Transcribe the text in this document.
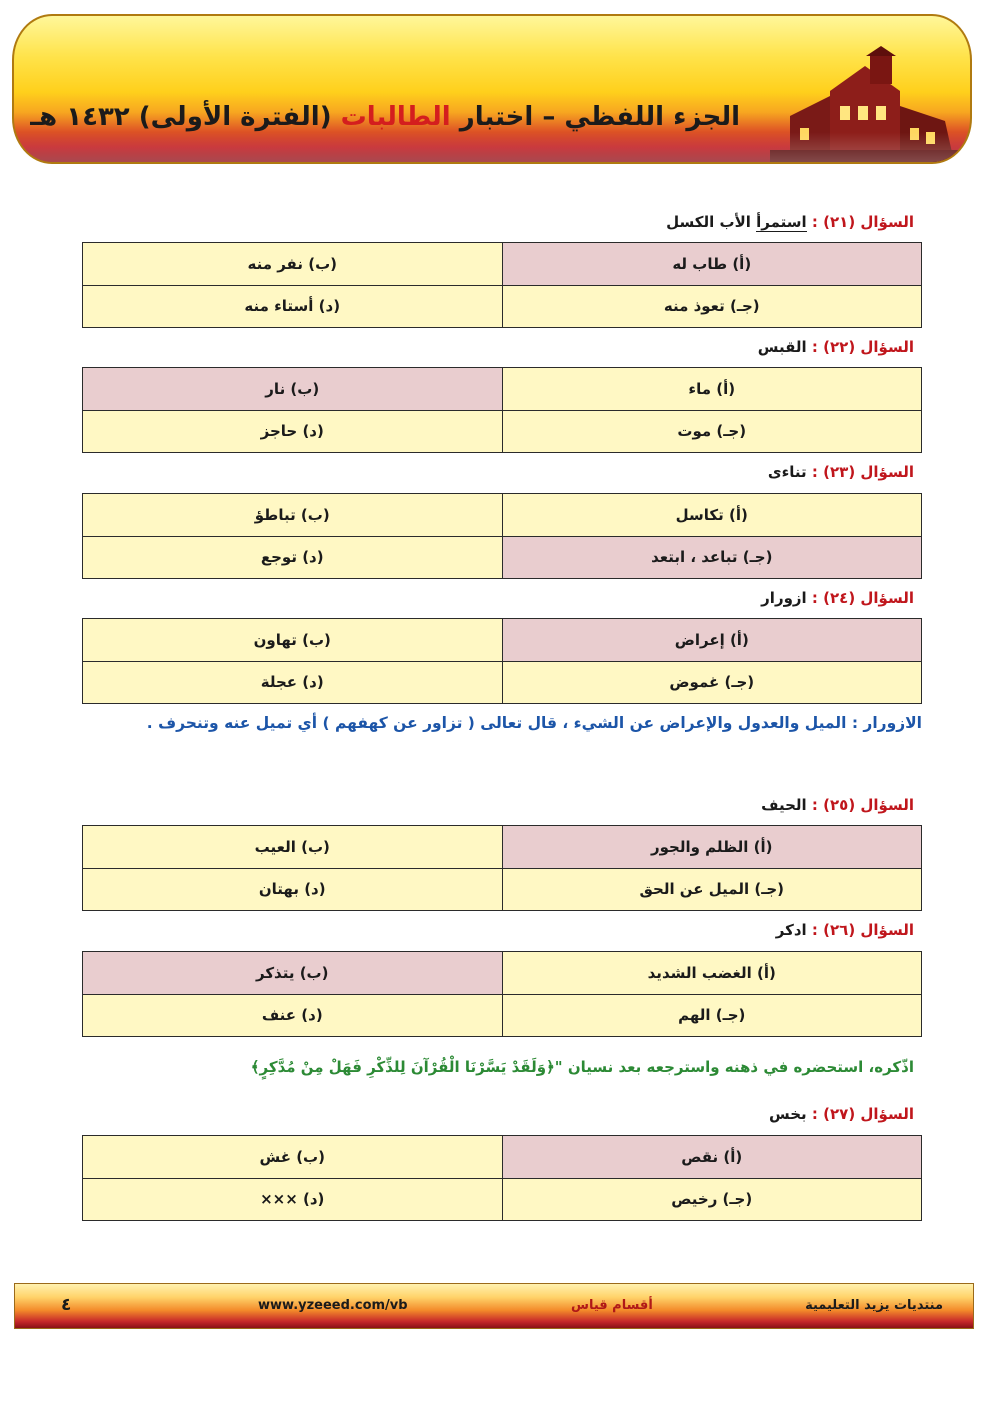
الجزء اللفظي – اختبار الطالبات (الفترة الأولى) ١٤٣٢ هـ
السؤال (٢١) : استمرأ الأب الكسل
(أ) طاب له	(ب) نفر منه
(جـ) تعوذ منه	(د) أستاء منه
السؤال (٢٢) : القبس
(أ) ماء	(ب) نار
(جـ) موت	(د) حاجز
السؤال (٢٣) : تناءى
(أ) تكاسل	(ب) تباطؤ
(جـ) تباعد ، ابتعد	(د) توجع
السؤال (٢٤) : ازورار
(أ) إعراض	(ب) تهاون
(جـ) غموض	(د) عجلة
الازورار : الميل والعدول والإعراض عن الشيء ، قال تعالى ( تزاور عن كهفهم ) أي تميل عنه وتنحرف .
السؤال (٢٥) : الحيف
(أ) الظلم والجور	(ب) العيب
(جـ) الميل عن الحق	(د) بهتان
السؤال (٢٦) : ادكر
(أ) الغضب الشديد	(ب) يتذكر
(جـ) الهم	(د) عنف
اذّكره، استحضره في ذهنه واسترجعه بعد نسيان "﴿وَلَقَدْ يَسَّرْنَا الْقُرْآنَ لِلذِّكْرِ فَهَلْ مِنْ مُدَّكِرٍ﴾
السؤال (٢٧) : بخس
(أ) نقص	(ب) غش
(جـ) رخيص	(د) ×××
منتديات يزيد التعليمية
أقسام قياس
www.yzeeed.com/vb
٤
